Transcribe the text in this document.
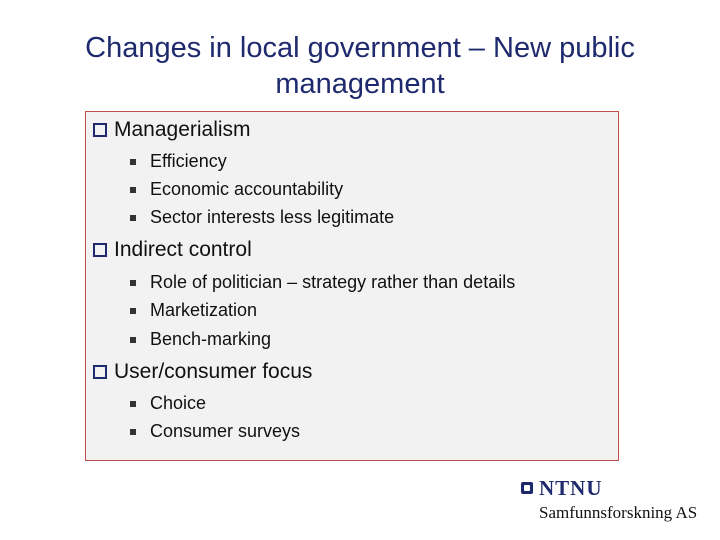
Changes in local government – New public management
Managerialism
Efficiency
Economic accountability
Sector interests less legitimate
Indirect control
Role of politician – strategy rather than details
Marketization
Bench-marking
User/consumer focus
Choice
Consumer surveys
NTNU
Samfunnsforskning AS
